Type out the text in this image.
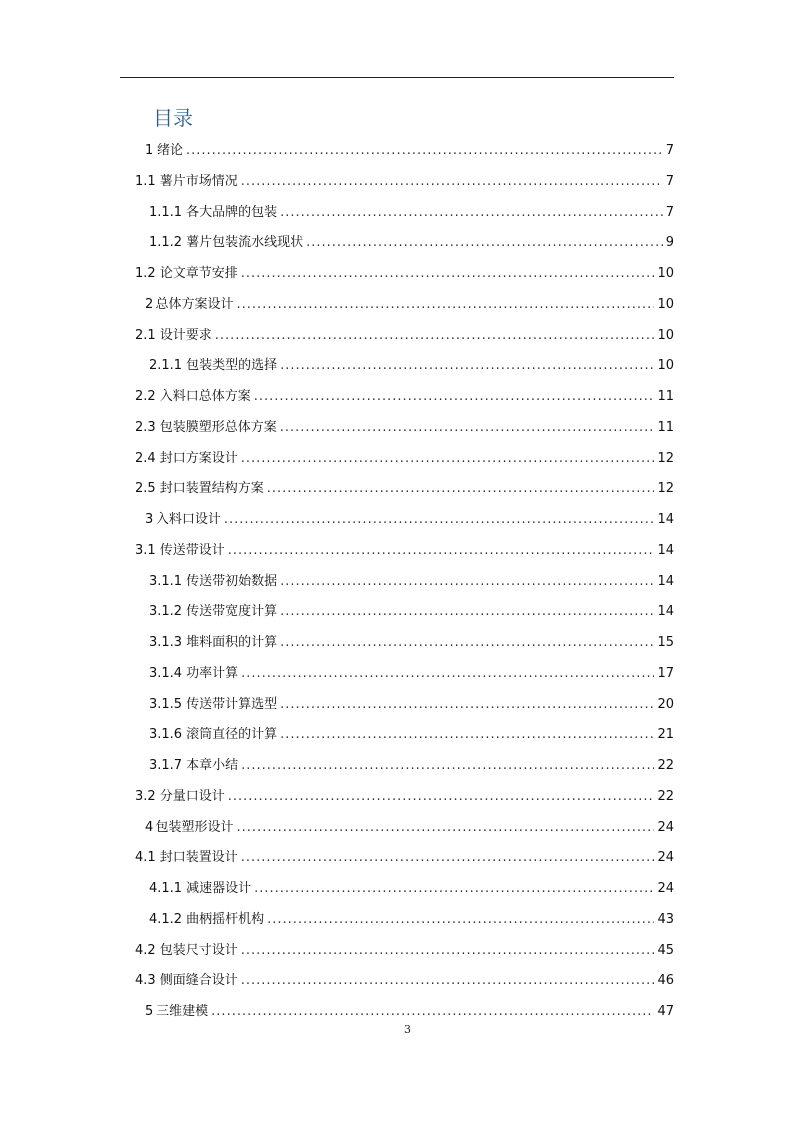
目录
1 绪论 .....	7
1.1 薯片市场情况 .....	7
1.1.1 各大品牌的包装 .....	7
1.1.2 薯片包装流水线现状 .....	9
1.2 论文章节安排 .....	10
2 总体方案设计 .....	10
2.1 设计要求 .....	10
2.1.1 包装类型的选择 .....	10
2.2 入料口总体方案 .....	11
2.3 包装膜塑形总体方案 .....	11
2.4 封口方案设计 .....	12
2.5 封口装置结构方案 .....	12
3 入料口设计 .....	14
3.1 传送带设计 .....	14
3.1.1 传送带初始数据 .....	14
3.1.2 传送带宽度计算 .....	14
3.1.3 堆料面积的计算 .....	15
3.1.4 功率计算 .....	17
3.1.5 传送带计算选型 .....	20
3.1.6 滚筒直径的计算 .....	21
3.1.7 本章小结 .....	22
3.2 分量口设计 .....	22
4 包装塑形设计 .....	24
4.1 封口装置设计 .....	24
4.1.1 减速器设计 .....	24
4.1.2 曲柄摇杆机构 .....	43
4.2 包装尺寸设计 .....	45
4.3 侧面缝合设计 .....	46
5 三维建模 .....	47
3
